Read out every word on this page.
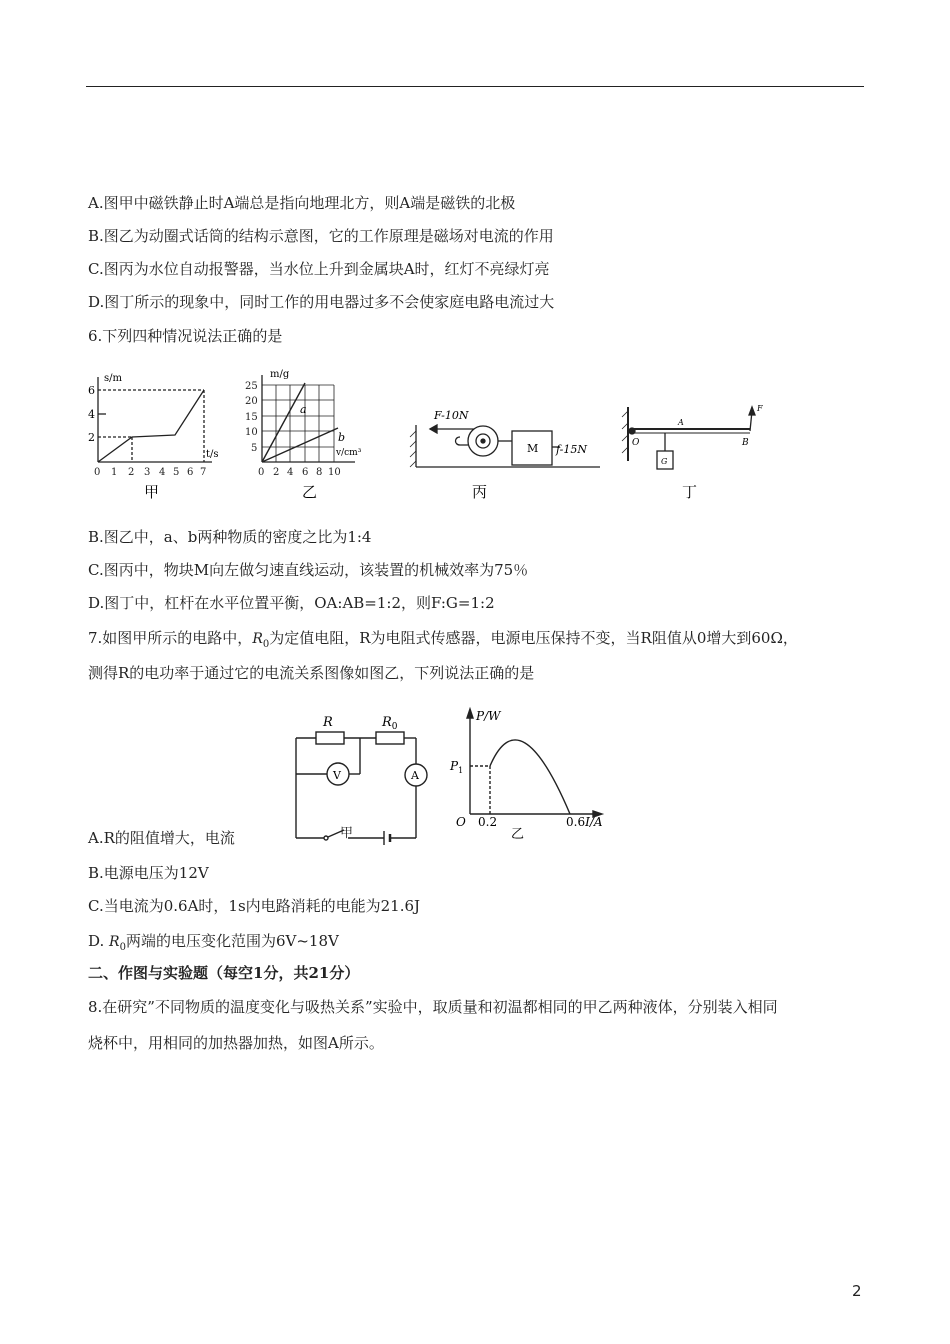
A.图甲中磁铁静止时A端总是指向地理北方，则A端是磁铁的北极
B.图乙为动圈式话筒的结构示意图，它的工作原理是磁场对电流的作用
C.图丙为水位自动报警器，当水位上升到金属块A时，红灯不亮绿灯亮
D.图丁所示的现象中，同时工作的用电器过多不会使家庭电路电流过大
6.下列四种情况说法正确的是
s/m
t/s
6
4
2
0 1 2 3 4 5 6 7
甲
m/g
v/cm³
a
b
25
20
15
10
5
0 2 4 6 8 10
乙
F-10N
f-15N
M
丙
O
A
B
F
G
丁
B.图乙中，a、b两种物质的密度之比为1:4
C.图丙中，物块M向左做匀速直线运动，该装置的机械效率为75％
D.图丁中，杠杆在水平位置平衡，OA:AB=1:2，则F:G=1:2
7.如图甲所示的电路中，$R_0$为定值电阻，R为电阻式传感器，电源电压保持不变，当R阻值从0增大到60Ω，
测得R的电功率于通过它的电流关系图像如图乙，下列说法正确的是
R	$R_0$
V	A
P/W
$P_1$
O 0.2	0.6I/A
乙
A.R的阻值增大，电流	甲
B.电源电压为12V
C.当电流为0.6A时，1s内电路消耗的电能为21.6J
D. $R_0$两端的电压变化范围为6V~18V
二、作图与实验题（每空1分，共21分）
8.在研究”不同物质的温度变化与吸热关系”实验中，取质量和初温都相同的甲乙两种液体，分别装入相同
烧杯中，用相同的加热器加热，如图A所示。
2
